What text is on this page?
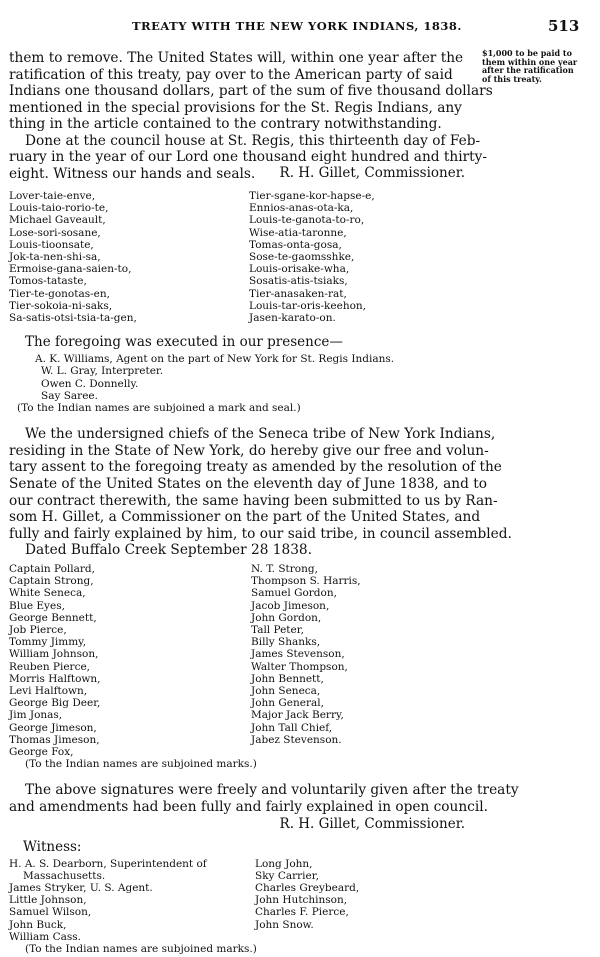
TREATY WITH THE NEW YORK INDIANS, 1838.	513
$1,000 to be paid to
them within one year
after the ratification
of this treaty.

them to remove. The United States will, within one year after the
ratification of this treaty, pay over to the American party of said
Indians one thousand dollars, part of the sum of five thousand dollars
mentioned in the special provisions for the St. Regis Indians, any
thing in the article contained to the contrary notwithstanding.

Done at the council house at St. Regis, this thirteenth day of Feb-
ruary in the year of our Lord one thousand eight hundred and thirty-
eight. Witness our hands and seals.	R. H. Gillet, Commissioner.
Lover-taie-enve,
Louis-taio-rorio-te,
Michael Gaveault,
Lose-sori-sosane,
Louis-tioonsate,
Jok-ta-nen-shi-sa,
Ermoise-gana-saien-to,
Tomos-tataste,
Tier-te-gonotas-en,
Tier-sokoia-ni-saks,
Sa-satis-otsi-tsia-ta-gen,
Tier-sgane-kor-hapse-e,
Ennios-anas-ota-ka,
Louis-te-ganota-to-ro,
Wise-atia-taronne,
Tomas-onta-gosa,
Sose-te-gaomsshke,
Louis-orisake-wha,
Sosatis-atis-tsiaks,
Tier-anasaken-rat,
Louis-tar-oris-keehon,
Jasen-karato-on.
The foregoing was executed in our presence—
A. K. Williams, Agent on the part of New York for St. Regis Indians.
W. L. Gray, Interpreter.
Owen C. Donnelly.
Say Saree.
(To the Indian names are subjoined a mark and seal.)

We the undersigned chiefs of the Seneca tribe of New York Indians,
residing in the State of New York, do hereby give our free and volun-
tary assent to the foregoing treaty as amended by the resolution of the
Senate of the United States on the eleventh day of June 1838, and to
our contract therewith, the same having been submitted to us by Ran-
som H. Gillet, a Commissioner on the part of the United States, and
fully and fairly explained by him, to our said tribe, in council assembled.
Dated Buffalo Creek September 28 1838.

Captain Pollard,
Captain Strong,
White Seneca,
Blue Eyes,
George Bennett,
Job Pierce,
Tommy Jimmy,
William Johnson,
Reuben Pierce,
Morris Halftown,
Levi Halftown,
George Big Deer,
Jim Jonas,
George Jimeson,
Thomas Jimeson,
George Fox,
N. T. Strong,
Thompson S. Harris,
Samuel Gordon,
Jacob Jimeson,
John Gordon,
Tall Peter,
Billy Shanks,
James Stevenson,
Walter Thompson,
John Bennett,
John Seneca,
John General,
Major Jack Berry,
John Tall Chief,
Jabez Stevenson.
(To the Indian names are subjoined marks.)

The above signatures were freely and voluntarily given after the treaty
and amendments had been fully and fairly explained in open council.

R. H. Gillet, Commissioner.
Witness:
H. A. S. Dearborn, Superintendent of
Massachusetts.
James Stryker, U. S. Agent.
Little Johnson,
Samuel Wilson,
John Buck,
William Cass.
Long John,
Sky Carrier,
Charles Greybeard,
John Hutchinson,
Charles F. Pierce,
John Snow.
(To the Indian names are subjoined marks.)
